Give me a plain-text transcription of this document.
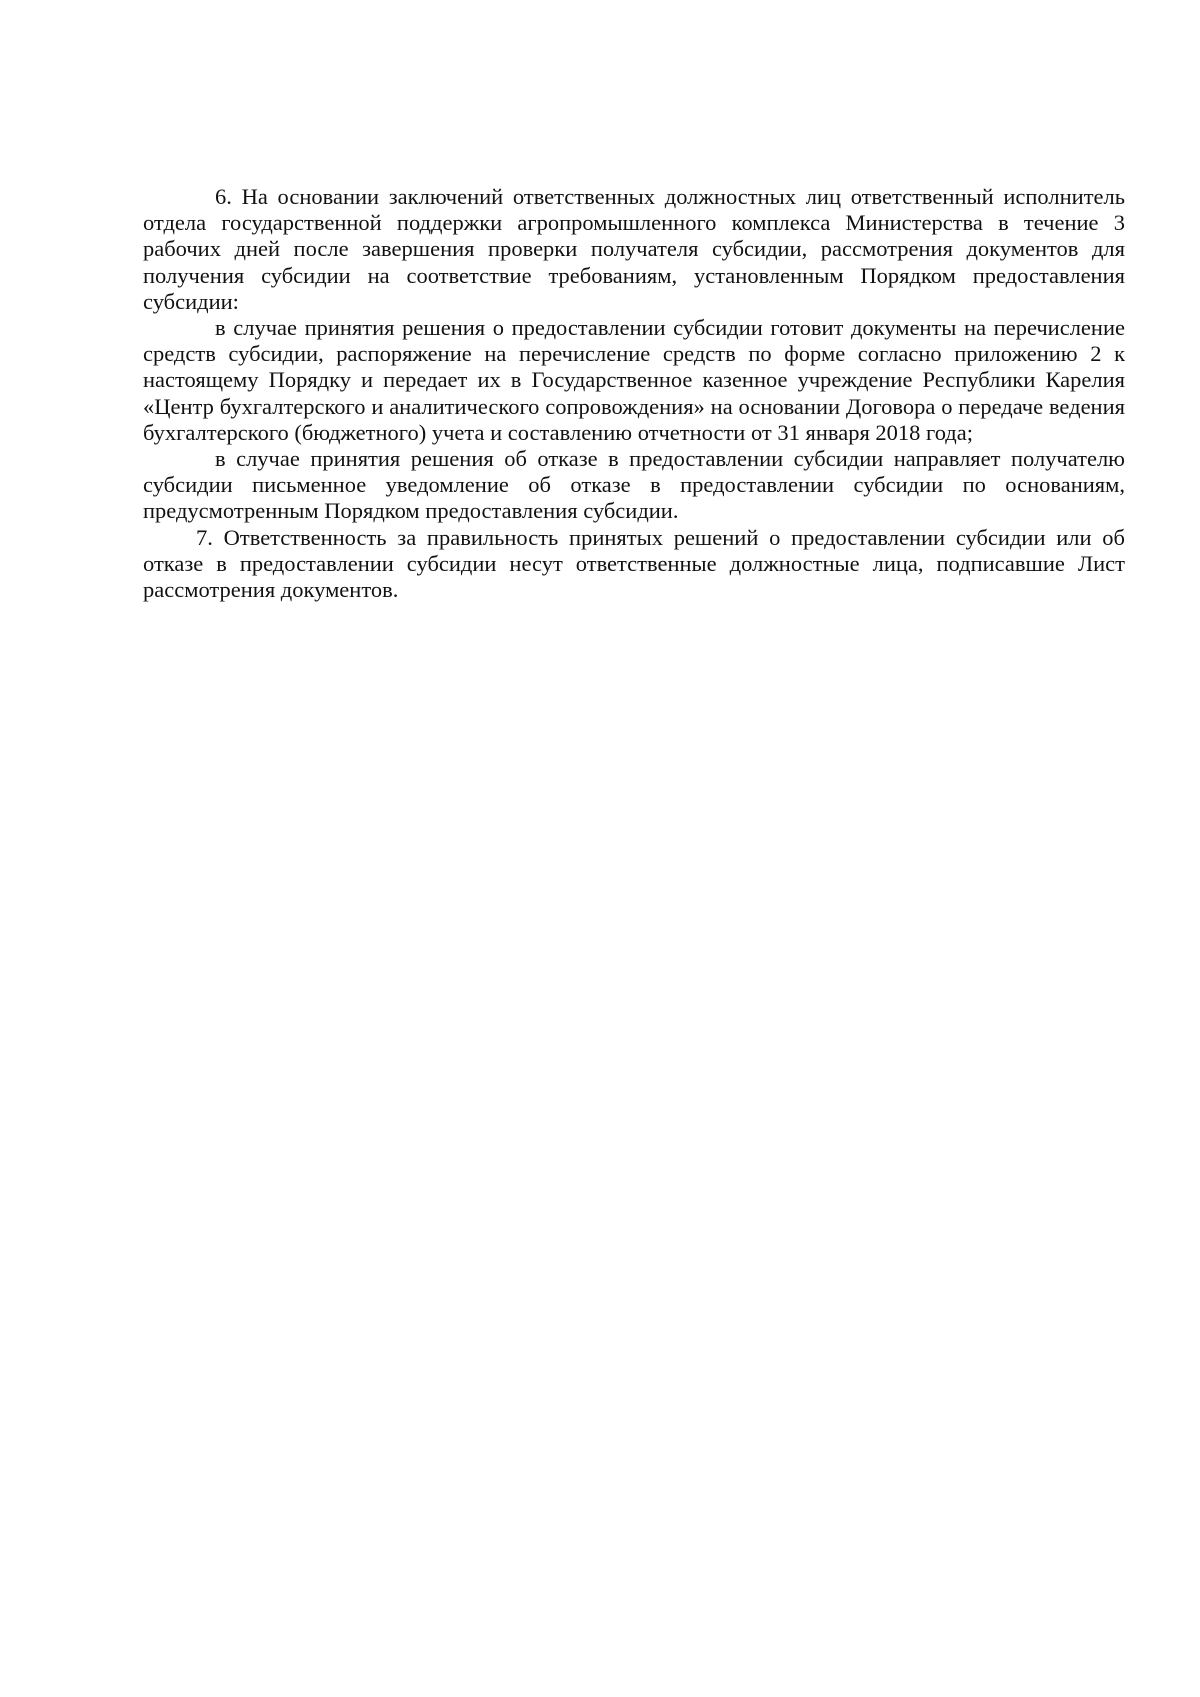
6. На основании заключений ответственных должностных лиц ответственный исполнитель отдела государственной поддержки агропромышленного комплекса Министерства в течение 3 рабочих дней после завершения проверки получателя субсидии, рассмотрения документов для получения субсидии на соответствие требованиям, установленным Порядком предоставления субсидии:

в случае принятия решения о предоставлении субсидии готовит документы на перечисление средств субсидии, распоряжение на перечисление средств по форме согласно приложению 2 к настоящему Порядку и передает их в Государственное казенное учреждение Республики Карелия «Центр бухгалтерского и аналитического сопровождения» на основании Договора о передаче ведения бухгалтерского (бюджетного) учета и составлению отчетности от 31 января 2018 года;

в случае принятия решения об отказе в предоставлении субсидии направляет получателю субсидии письменное уведомление об отказе в предоставлении субсидии по основаниям, предусмотренным Порядком предоставления субсидии.

7. Ответственность за правильность принятых решений о предоставлении субсидии или об отказе в предоставлении субсидии несут ответственные должностные лица, подписавшие Лист рассмотрения документов.
